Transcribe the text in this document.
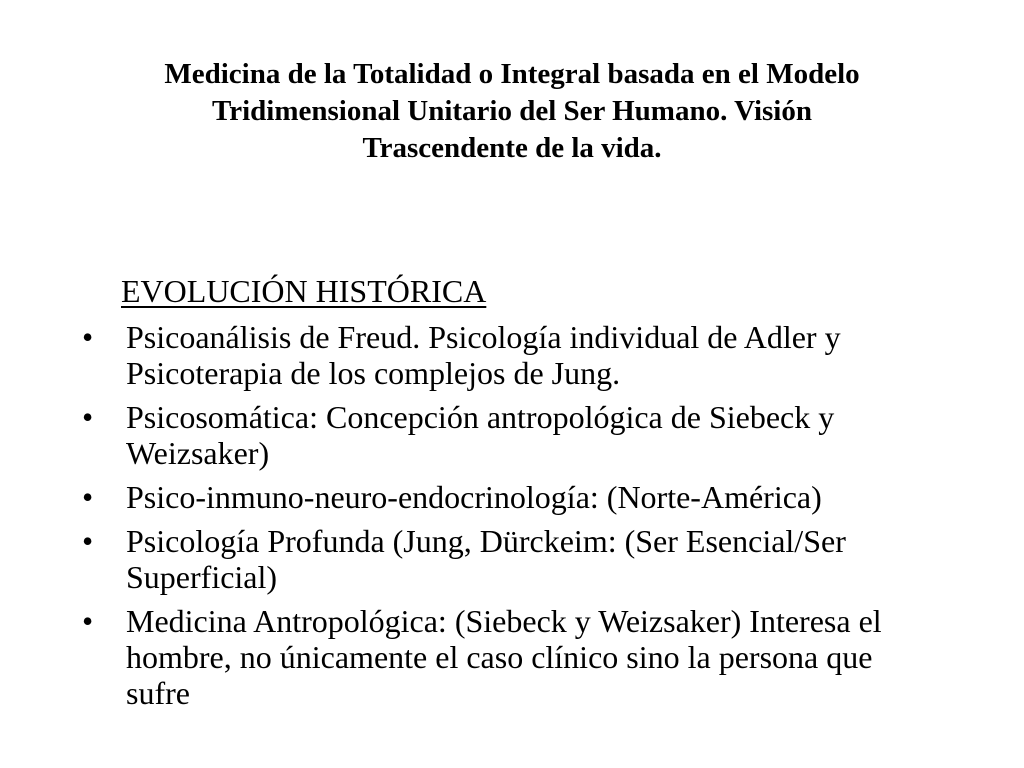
Medicina de la Totalidad o Integral basada en el Modelo
Tridimensional Unitario del Ser Humano. Visión
Trascendente de la vida.
EVOLUCIÓN HISTÓRICA
•	Psicoanálisis de Freud. Psicología individual de Adler y
Psicoterapia de los complejos de Jung.
•	Psicosomática: Concepción antropológica de Siebeck y
Weizsaker)
•	Psico-inmuno-neuro-endocrinología: (Norte-América)
•	Psicología Profunda (Jung, Dürckeim: (Ser Esencial/Ser
Superficial)
•	Medicina Antropológica: (Siebeck y Weizsaker) Interesa el
hombre, no únicamente el caso clínico sino la persona que
sufre
